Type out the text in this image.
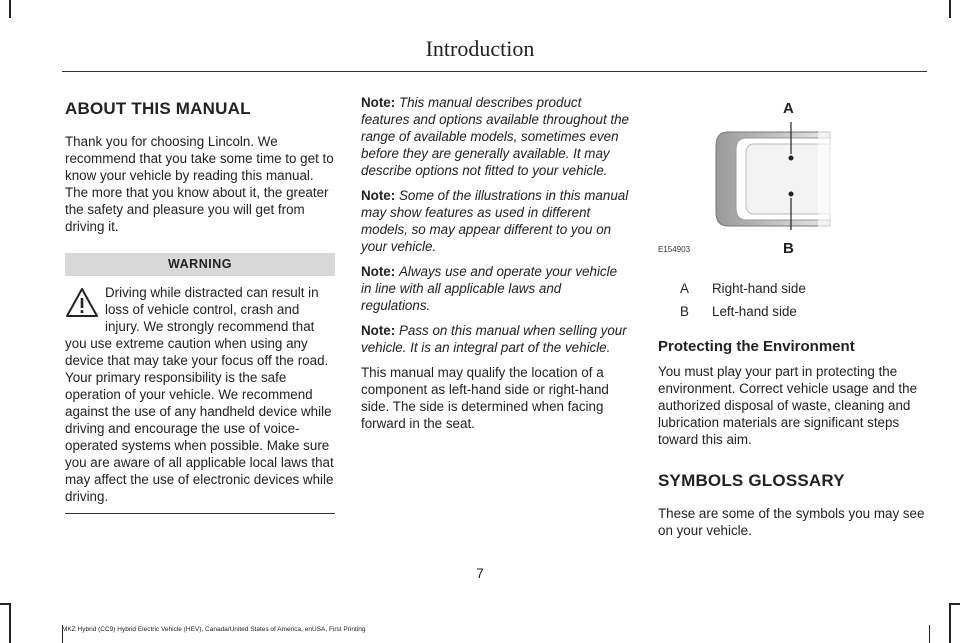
Introduction

ABOUT THIS MANUAL

Thank you for choosing Lincoln. We recommend that you take some time to get to know your vehicle by reading this manual. The more that you know about it, the greater the safety and pleasure you will get from driving it.

WARNING
Driving while distracted can result in loss of vehicle control, crash and injury. We strongly recommend that you use extreme caution when using any device that may take your focus off the road. Your primary responsibility is the safe operation of your vehicle. We recommend against the use of any handheld device while driving and encourage the use of voice-operated systems when possible. Make sure you are aware of all applicable local laws that may affect the use of electronic devices while driving.

Note: This manual describes product features and options available throughout the range of available models, sometimes even before they are generally available. It may describe options not fitted to your vehicle.

Note: Some of the illustrations in this manual may show features as used in different models, so may appear different to you on your vehicle.

Note: Always use and operate your vehicle in line with all applicable laws and regulations.

Note: Pass on this manual when selling your vehicle. It is an integral part of the vehicle.

This manual may qualify the location of a component as left-hand side or right-hand side. The side is determined when facing forward in the seat.

A
B
E154903
A	Right-hand side
B	Left-hand side

Protecting the Environment

You must play your part in protecting the environment. Correct vehicle usage and the authorized disposal of waste, cleaning and lubrication materials are significant steps toward this aim.

SYMBOLS GLOSSARY

These are some of the symbols you may see on your vehicle.

7
MKZ Hybrid (CC9) Hybrid Electric Vehicle (HEV), Canada/United States of America, enUSA, First Printing
